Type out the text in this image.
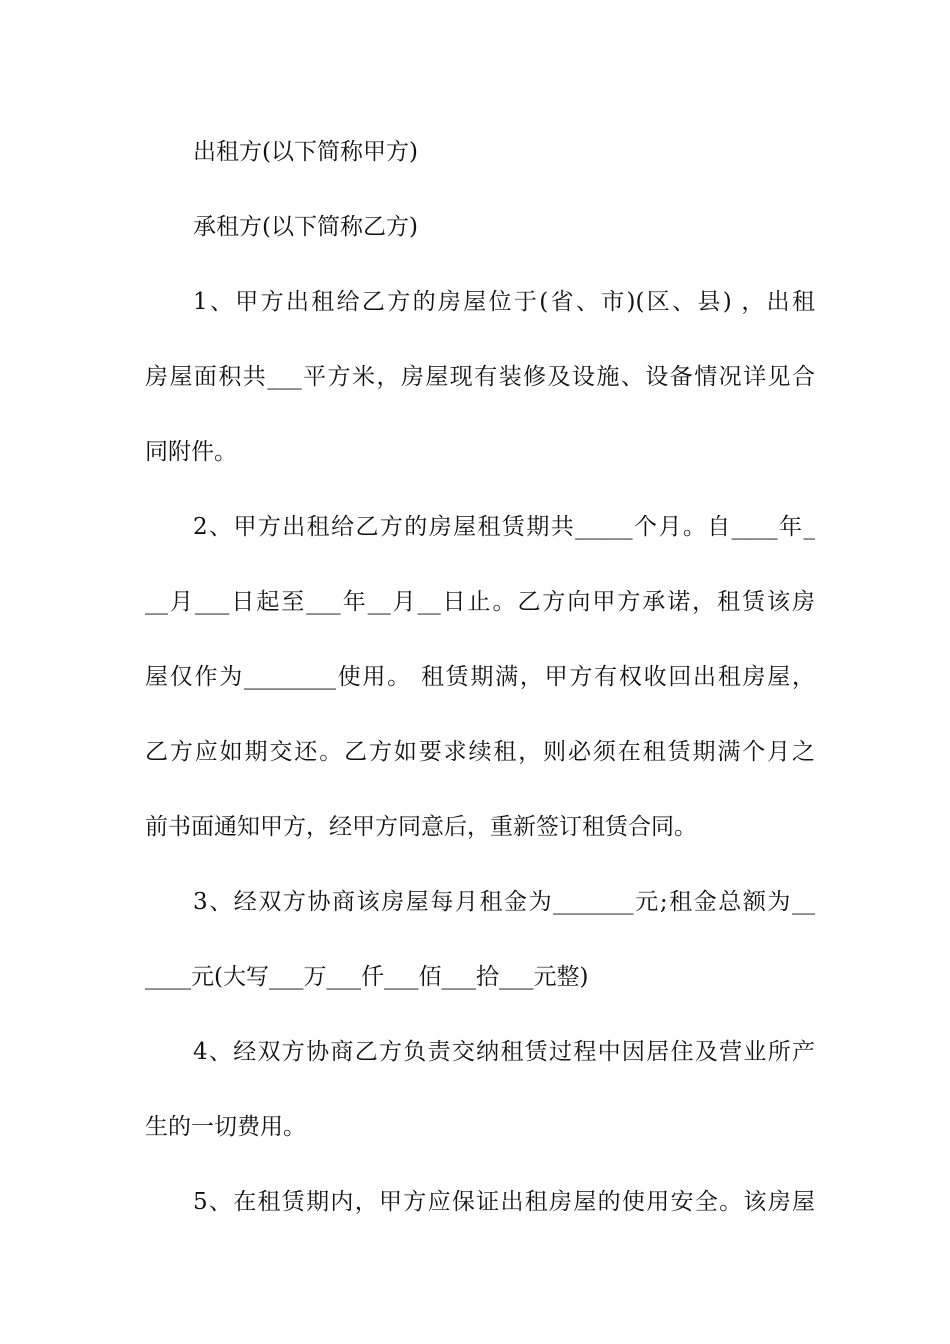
出租方(以下简称甲方)

承租方(以下简称乙方)

1、甲方出租给乙方的房屋位于(省、市)(区、县) ，出租

房屋面积共___平方米，房屋现有装修及设施、设备情况详见合

同附件。

2、甲方出租给乙方的房屋租赁期共_____个月。自____年_

__月___日起至___年__月__日止。乙方向甲方承诺，租赁该房

屋仅作为________使用。 租赁期满，甲方有权收回出租房屋，

乙方应如期交还。乙方如要求续租，则必须在租赁期满个月之

前书面通知甲方，经甲方同意后，重新签订租赁合同。

3、经双方协商该房屋每月租金为_______元;租金总额为__

____元(大写___万___仟___佰___拾___元整)

4、经双方协商乙方负责交纳租赁过程中因居住及营业所产

生的一切费用。

5、在租赁期内，甲方应保证出租房屋的使用安全。该房屋
